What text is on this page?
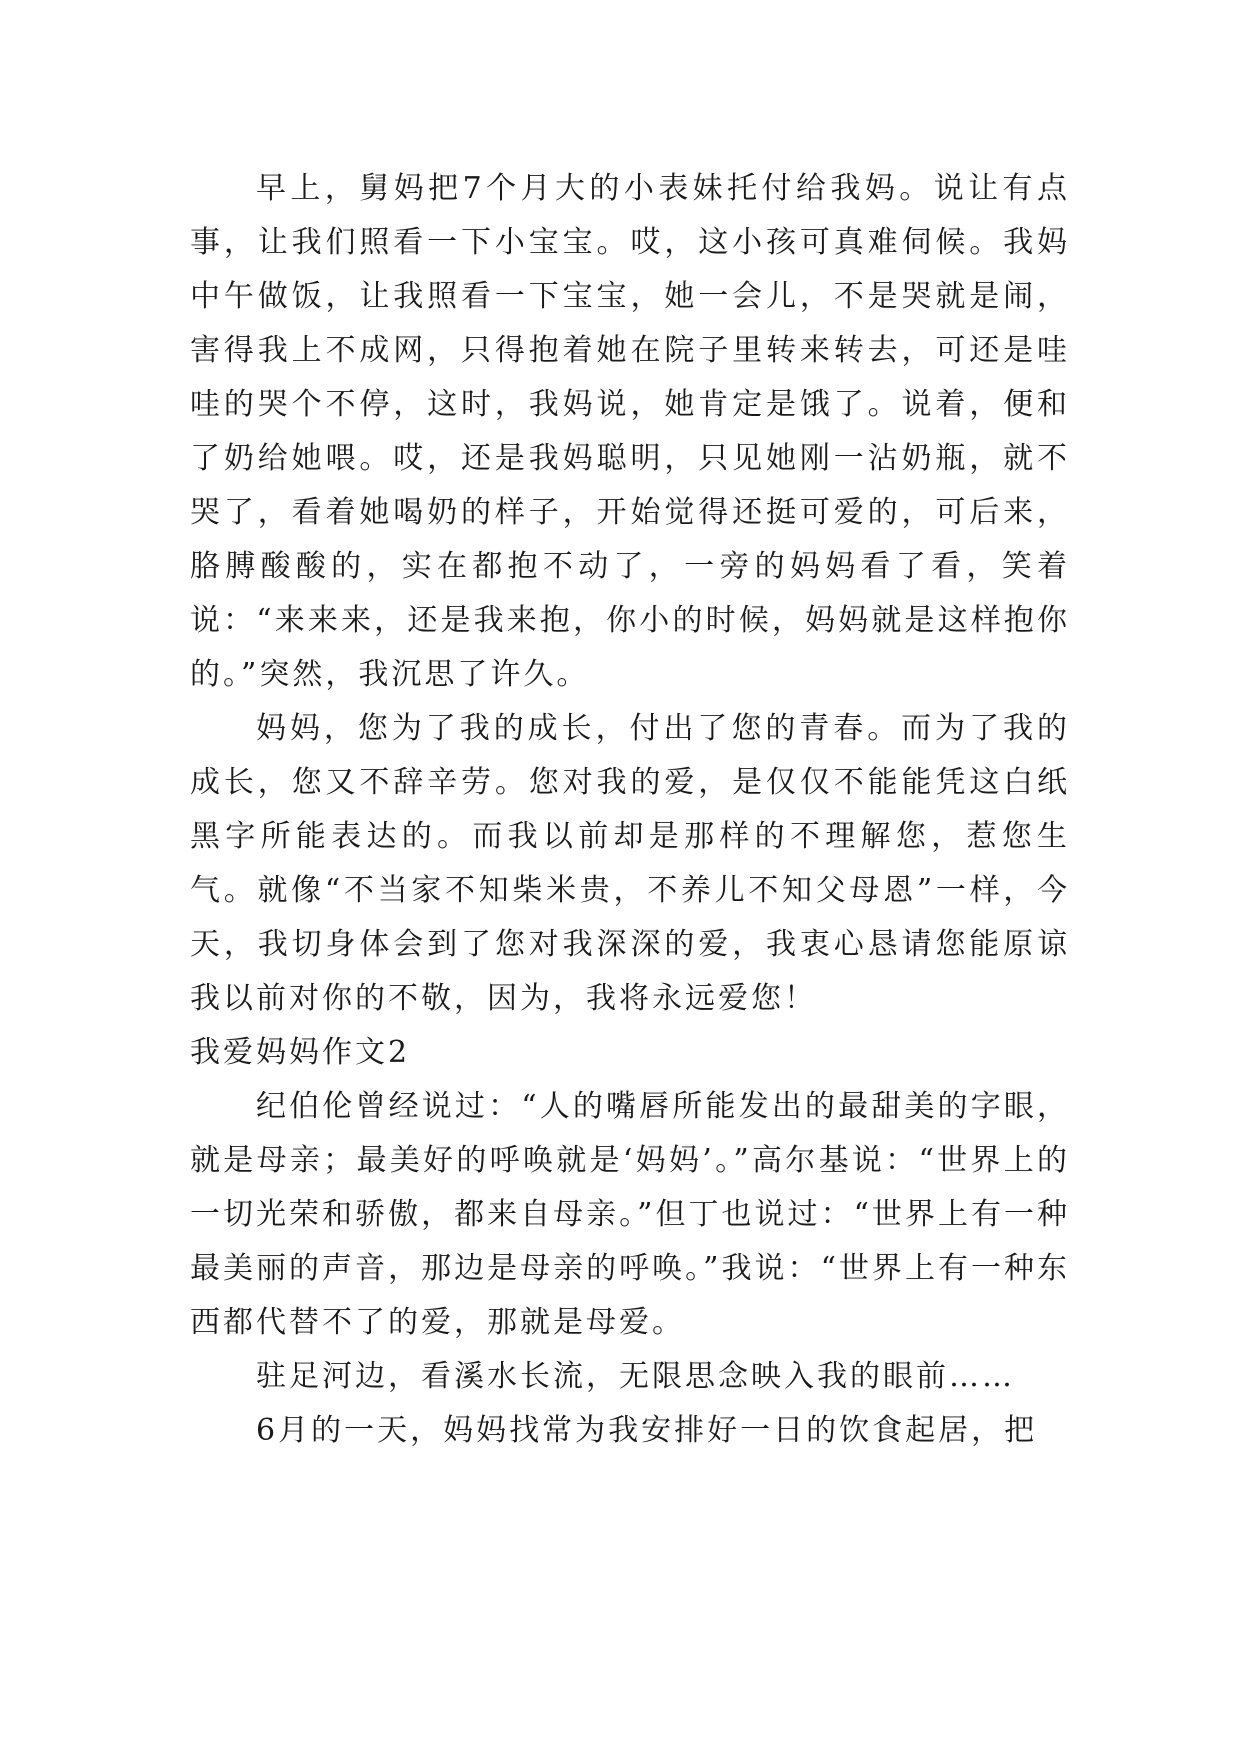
早上，舅妈把7个月大的小表妹托付给我妈。说让有点事，让我们照看一下小宝宝。哎，这小孩可真难伺候。我妈中午做饭，让我照看一下宝宝，她一会儿，不是哭就是闹，害得我上不成网，只得抱着她在院子里转来转去，可还是哇哇的哭个不停，这时，我妈说，她肯定是饿了。说着，便和了奶给她喂。哎，还是我妈聪明，只见她刚一沾奶瓶，就不哭了，看着她喝奶的样子，开始觉得还挺可爱的，可后来，胳膊酸酸的，实在都抱不动了，一旁的妈妈看了看，笑着说：“来来来，还是我来抱，你小的时候，妈妈就是这样抱你的。”突然，我沉思了许久。

妈妈，您为了我的成长，付出了您的青春。而为了我的成长，您又不辞辛劳。您对我的爱，是仅仅不能能凭这白纸黑字所能表达的。而我以前却是那样的不理解您，惹您生气。就像“不当家不知柴米贵，不养儿不知父母恩”一样，今天，我切身体会到了您对我深深的爱，我衷心恳请您能原谅我以前对你的不敬，因为，我将永远爱您！

我爱妈妈作文2

纪伯伦曾经说过：“人的嘴唇所能发出的最甜美的字眼，就是母亲；最美好的呼唤就是‘妈妈’。”高尔基说：“世界上的一切光荣和骄傲，都来自母亲。”但丁也说过：“世界上有一种最美丽的声音，那边是母亲的呼唤。”我说：“世界上有一种东西都代替不了的爱，那就是母爱。

驻足河边，看溪水长流，无限思念映入我的眼前……

6月的一天，妈妈找常为我安排好一日的饮食起居，把
